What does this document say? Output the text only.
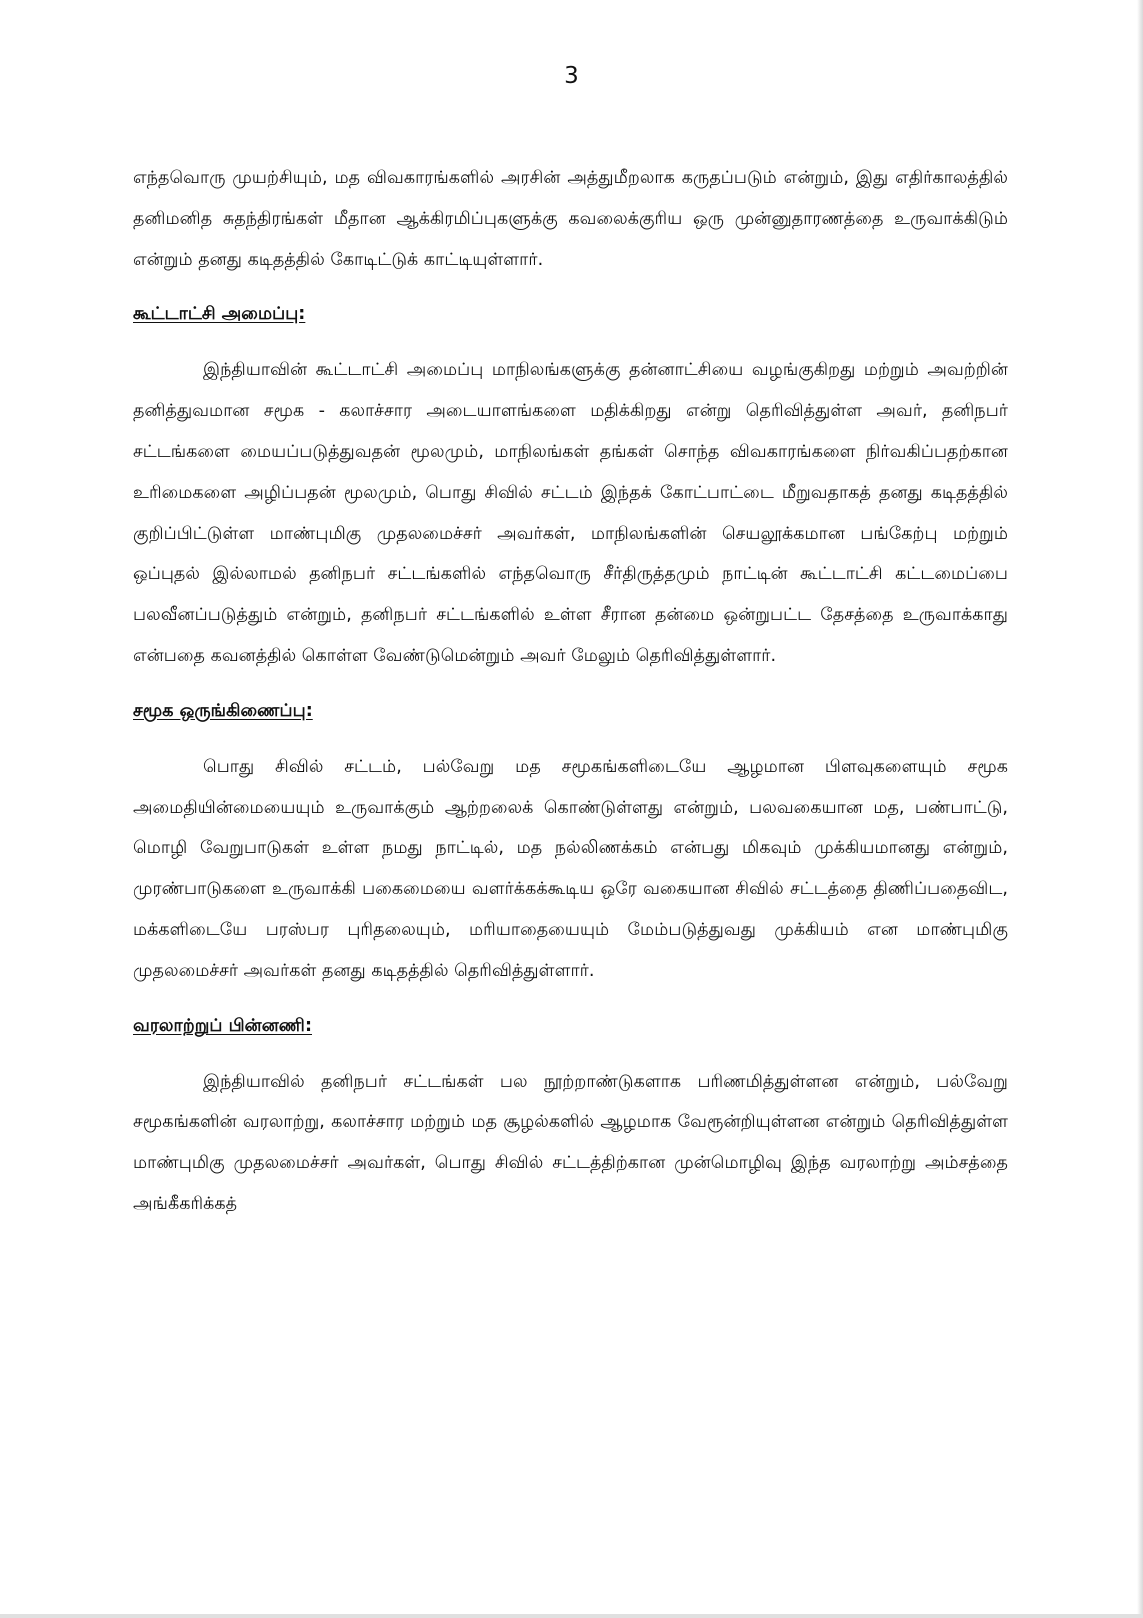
3

எந்தவொரு முயற்சியும், மத விவகாரங்களில் அரசின் அத்துமீறலாக கருதப்படும் என்றும், இது எதிர்காலத்தில் தனிமனித சுதந்திரங்கள் மீதான ஆக்கிரமிப்புகளுக்கு கவலைக்குரிய ஒரு முன்னுதாரணத்தை உருவாக்கிடும் என்றும் தனது கடிதத்தில் கோடிட்டுக் காட்டியுள்ளார்.

கூட்டாட்சி அமைப்பு:

இந்தியாவின் கூட்டாட்சி அமைப்பு மாநிலங்களுக்கு தன்னாட்சியை வழங்குகிறது மற்றும் அவற்றின் தனித்துவமான சமூக - கலாச்சார அடையாளங்களை மதிக்கிறது என்று தெரிவித்துள்ள அவர், தனிநபர் சட்டங்களை மையப்படுத்துவதன் மூலமும், மாநிலங்கள் தங்கள் சொந்த விவகாரங்களை நிர்வகிப்பதற்கான உரிமைகளை அழிப்பதன் மூலமும், பொது சிவில் சட்டம் இந்தக் கோட்பாட்டை மீறுவதாகத் தனது கடிதத்தில் குறிப்பிட்டுள்ள மாண்புமிகு முதலமைச்சர் அவர்கள், மாநிலங்களின் செயலூக்கமான பங்கேற்பு மற்றும் ஒப்புதல் இல்லாமல் தனிநபர் சட்டங்களில் எந்தவொரு சீர்திருத்தமும் நாட்டின் கூட்டாட்சி கட்டமைப்பை பலவீனப்படுத்தும் என்றும், தனிநபர் சட்டங்களில் உள்ள சீரான தன்மை ஒன்றுபட்ட தேசத்தை உருவாக்காது என்பதை கவனத்தில் கொள்ள வேண்டுமென்றும் அவர் மேலும் தெரிவித்துள்ளார்.

சமூக ஒருங்கிணைப்பு:

பொது சிவில் சட்டம், பல்வேறு மத சமூகங்களிடையே ஆழமான பிளவுகளையும் சமூக அமைதியின்மையையும் உருவாக்கும் ஆற்றலைக் கொண்டுள்ளது என்றும், பலவகையான மத, பண்பாட்டு, மொழி வேறுபாடுகள் உள்ள நமது நாட்டில், மத நல்லிணக்கம் என்பது மிகவும் முக்கியமானது என்றும், முரண்பாடுகளை உருவாக்கி பகைமையை வளர்க்கக்கூடிய ஒரே வகையான சிவில் சட்டத்தை திணிப்பதைவிட, மக்களிடையே பரஸ்பர புரிதலையும், மரியாதையையும் மேம்படுத்துவது முக்கியம் என மாண்புமிகு முதலமைச்சர் அவர்கள் தனது கடிதத்தில் தெரிவித்துள்ளார்.

வரலாற்றுப் பின்னணி:

இந்தியாவில் தனிநபர் சட்டங்கள் பல நூற்றாண்டுகளாக பரிணமித்துள்ளன என்றும், பல்வேறு சமூகங்களின் வரலாற்று, கலாச்சார மற்றும் மத சூழல்களில் ஆழமாக வேரூன்றியுள்ளன என்றும் தெரிவித்துள்ள மாண்புமிகு முதலமைச்சர் அவர்கள், பொது சிவில் சட்டத்திற்கான முன்மொழிவு இந்த வரலாற்று அம்சத்தை அங்கீகரிக்கத்
